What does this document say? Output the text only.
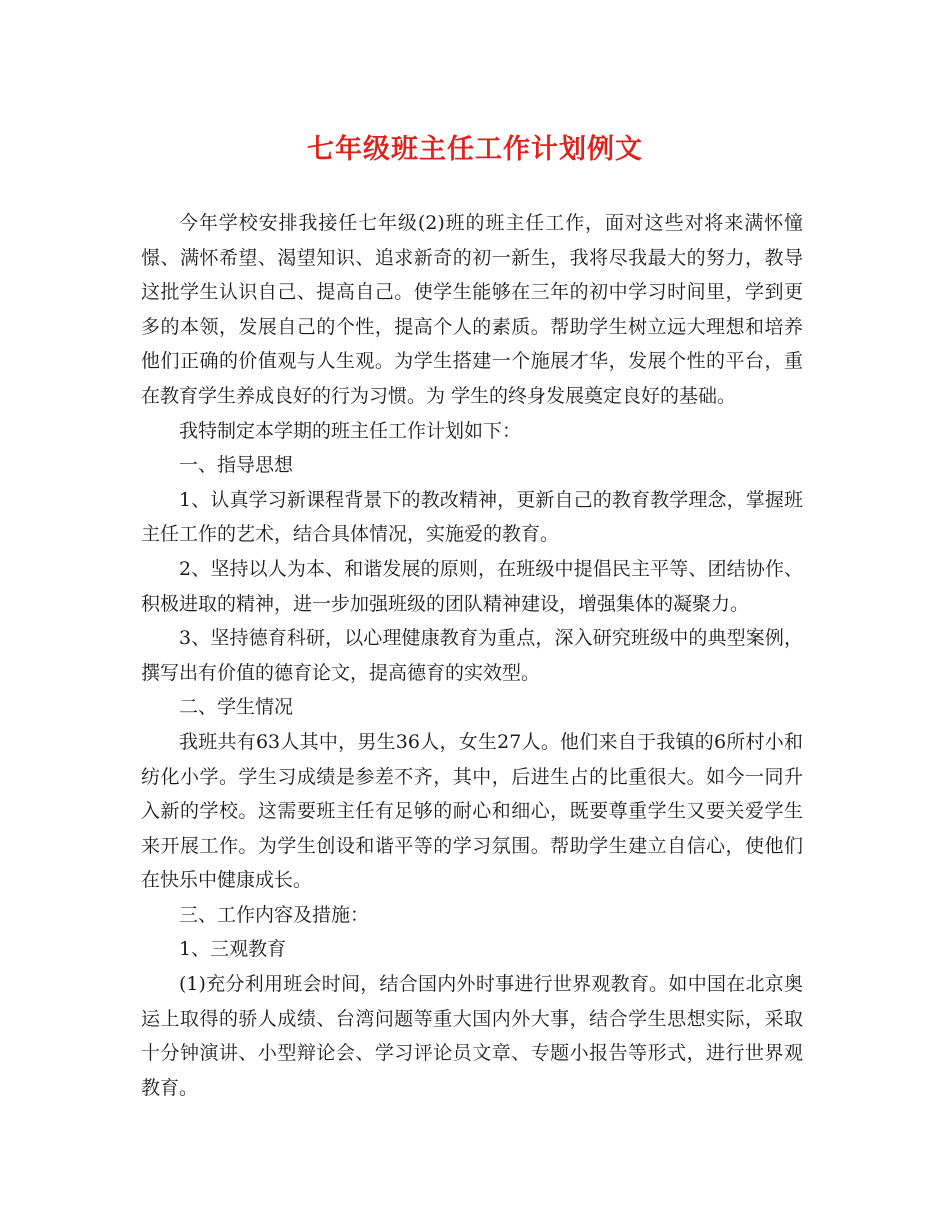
七年级班主任工作计划例文

今年学校安排我接任七年级(2)班的班主任工作，面对这些对将来满怀憧憬、满怀希望、渴望知识、追求新奇的初一新生，我将尽我最大的努力，教导这批学生认识自己、提高自己。使学生能够在三年的初中学习时间里，学到更多的本领，发展自己的个性，提高个人的素质。帮助学生树立远大理想和培养他们正确的价值观与人生观。为学生搭建一个施展才华，发展个性的平台，重在教育学生养成良好的行为习惯。为 学生的终身发展奠定良好的基础。

我特制定本学期的班主任工作计划如下：

一、指导思想

1、认真学习新课程背景下的教改精神，更新自己的教育教学理念，掌握班主任工作的艺术，结合具体情况，实施爱的教育。

2、坚持以人为本、和谐发展的原则，在班级中提倡民主平等、团结协作、积极进取的精神，进一步加强班级的团队精神建设，增强集体的凝聚力。

3、坚持德育科研，以心理健康教育为重点，深入研究班级中的典型案例，撰写出有价值的德育论文，提高德育的实效型。

二、学生情况

我班共有63人其中，男生36人，女生27人。他们来自于我镇的6所村小和纺化小学。学生习成绩是参差不齐，其中，后进生占的比重很大。如今一同升入新的学校。这需要班主任有足够的耐心和细心，既要尊重学生又要关爱学生来开展工作。为学生创设和谐平等的学习氛围。帮助学生建立自信心，使他们在快乐中健康成长。

三、工作内容及措施：

1、三观教育

(1)充分利用班会时间，结合国内外时事进行世界观教育。如中国在北京奥运上取得的骄人成绩、台湾问题等重大国内外大事，结合学生思想实际，采取十分钟演讲、小型辩论会、学习评论员文章、专题小报告等形式，进行世界观教育。
